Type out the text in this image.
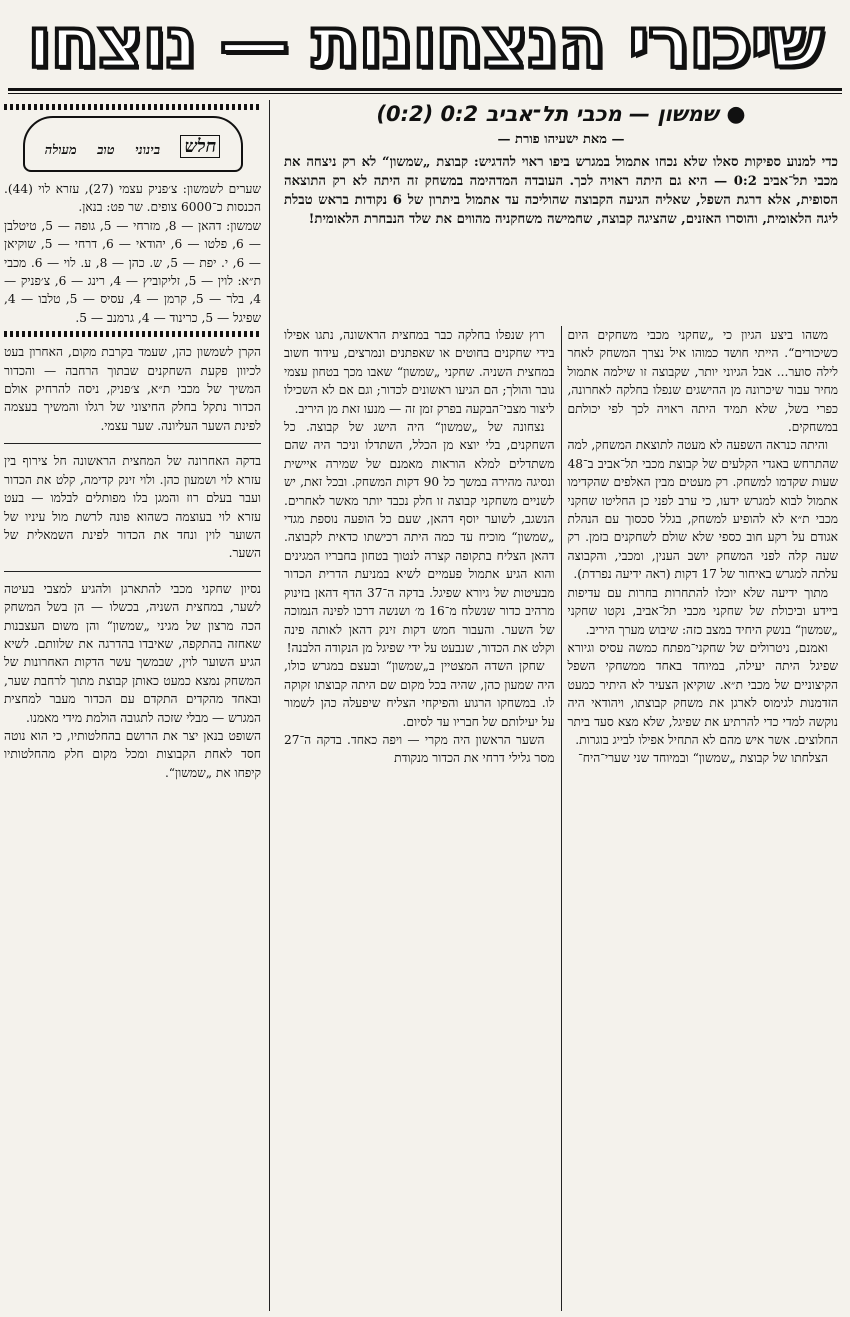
שיכורי הנצחונות — נוצחו
●שמשון — מכבי תל־אביב 0:2 (0:2)
— מאת ישעיהו פורת —

כדי למנוע ספיקות סאלו שלא נכחו אתמול במגרש ביפו ראוי להדגיש: קבוצת „שמשון“ לא רק ניצחה את מכבי תל־אביב 0:2 — היא גם היתה ראויה לכך. העובדה המדהימה במשחק זה היתה לא רק התוצאה הסופית, אלא דרגת השפל, שאליה הגיעה הקבוצה שהוליכה עד אתמול ביתרון של 6 נקודות בראש טבלת ליגה הלאומית, והוסרו האזנים, שהציגה קבוצה, שחמישה משחקניה מהווים את שלד הנבחרת הלאומית!

משהו ביצע הגיון כי „שחקני מכבי משחקים היום כשיכורים“. הייתי חושד כמוהו איל נצרך המשחק לאחר לילה סוער... אבל הגיוני יותר, שקבוצה זו שילמה אתמול מחיר עבור שיכרונה מן ההישגים שנפלו בחלקה לאחרונה, כפרי בשל, שלא תמיד היתה ראויה לכך לפי יכולתם במשחקים.

והיתה כנראה השפעה לא מעטה לתוצאת המשחק, למה שהתרחש באגדי הקלעים של קבוצת מכבי תל־אביב ב־48 שעות שקדמו למשחק. רק מעטים מבין האלפים שהקדימו אתמול לבוא למגרש ידעו, כי ערב לפני כן החליטו שחקני מכבי ת״א לא להופיע למשחק, בגלל סכסוך עם הנהלת אגודם על רקע חוב כספי שלא שולם לשחקנים בזמן. רק שעה קלה לפני המשחק יושב הענין, ומכבי, והקבוצה עלתה למגרש באיחור של 17 דקות (ראה ידיעה נפרדת).

מתוך ידיעה שלא יוכלו להתחרות בחרות עם עדיפות ביידע וביכולת של שחקני מכבי תל־אביב, נקטו שחקני „שמשון“ בנשק היחיד במצב כזה: שיבוש מערך היריב.

ואמנם, ניטרולים של שחקני־מפתח כמשה עסיס וגיורא שפיגל היתה יעילה, במיוחד באחד ממשחקי השפל הקיצוניים של מכבי ת״א. שוקיאן הצעיר לא היתיר כמעט הזדמנות לגימוס לארגן את משחק קבוצתו, ויהודאי היה נוקשה למדי כדי להרתיע את שפיגל, שלא מצא סעד ביתר החלוצים. אשר איש מהם לא התחיל אפילו לבייג בוגרות.

הצלחתו של קבוצת „שמשון“ ובמיוחד שני שערי־היח־

רוץ שנפלו בחלקה כבר במחצית הראשונה, נתגו אפילו בידי שחקנים בחוטים או שאפתנים ונמרצים, עידוד חשוב במחצית השניה. שחקני „שמשון“ שאבו מכך בטחון עצמי גובר והולך; הם הגיעו ראשונים לכדור; וגם אם לא השכילו ליצור מצבי־הבקעה בפרק זמן זה — מנעו זאת מן היריב.

נצחונה של „שמשון“ היה הישג של קבוצה. כל השחקנים, בלי יוצא מן הכלל, השתדלו וניכר היה שהם משתדלים למלא הוראות מאמנם של שמירה איישית ונסיגה מהירה במשך כל 90 דקות המשחק. ובכל זאת, יש לשניים משחקני קבוצה זו חלק נכבד יותר מאשר לאחרים. הנשגב, לשוער יוסף דהאן, שעם כל הופעה נוספת מגדי „שמשון“ מוכיח עד כמה היתה רכישתו כדאית לקבוצה. דהאן הצליח בתקופה קצרה לנטוך בטחון בחבריו המגינים והוא הגיע אתמול פעמיים לשיא במניעת הדרית הכדור מבעיטות של גיורא שפיגל. בדקה ה־37 הדף דהאן בזינוק מרהיב כדור שנשלח מ־16 מ׳ ושנשה דרכו לפינה הנמוכה של השער. והעבור חמש דקות זינק דהאן לאותה פינה וקלט את הכדור, שנבעט על ידי שפיגל מן הנקודה הלבנה!

שחקן השדה המצטיין ב„שמשון“ ובעצם במגרש כולו, היה שמעון כהן, שהיה בכל מקום שם היתה קבוצתו זקוקה לו. במשחקו הרגוע והפיקחי הצליח שיפעלה כהן לשמור על יעילותם של חבריו עד לסיום.

השער הראשון היה מקרי — ויפה כאחד. בדקה ה־27 מסר גלילי דרחי את הכדור מנקודת

חלש
בינוני
טוב
מעולה

שערים לשמשון: צ׳פניק עצמי (27), עזרא לוי (44). הכנסות כ־6000 צופים. שר פט: בנאן.

שמשון: דהאן — 8, מזרחי — 5, גופה — 5, טיטלבן — 6, פלטו — 6, יהודאי — 6, דרחי — 5, שוקיאן — 6, י. יפת — 5, ש. כהן — 8, ע. לוי — 6. מכבי ת״א: לוין — 5, זליקוביץ — 4, רינג — 6, צ׳פניק — 4, בלר — 5, קרמן — 4, עסיס — 5, טלבו — 4, שפיגל — 5, כרינוד — 4, גרמנב — 5.

הקרן לשמשון כהן, שעמד בקרבת מקום, האחרון בעט לכיוון פקעת השחקנים שבתוך הרחבה — והכדור המשיך של מכבי ת״א, צ׳פניק, ניסה להרחיק אולם הכדור נתקל בחלק החיצוני של רגלו והמשיך בעצמה לפינת השער העליונה. שער עצמי.

בדקה האחרונה של המחצית הראשונה חל צירוף בין עזרא לוי ושמעון כהן. ולוי זינק קדימה, קלט את הכדור ועבר בעלם רוז והמגן בלו מפותלים לבלמו — בעט עזרא לוי בעוצמה כשהוא פונה לרשת מול עיניו של השוער לוין ונחד את הכדור לפינת השמאלית של השער.

נסיון שחקני מכבי להתארגן ולהגיע למצבי בעיטה לשער, במחצית השניה, בכשלו — הן בשל המשחק הכה מרצון של מגיני „שמשון“ והן משום העצבנות שאחזה בהתקפה, שאיבדו בהדרגה את שלוותם. לשיא הגיע השוער לוין, שבמשך עשר הדקות האחרונות של המשחק נמצא כמעט כאותן קבוצת מתוך לרחבת שער, ובאחד מהקדים התקדם עם הכדור מעבר למחצית המגרש — מבלי שזכה לתגובה הולמת מידי מאמנו.

השופט בנאן יצר את הרושם בהחלטותיו, כי הוא נוטה חסד לאחת הקבוצות ומכל מקום חלק מהחלטותיו קיפחו את „שמשון“.
